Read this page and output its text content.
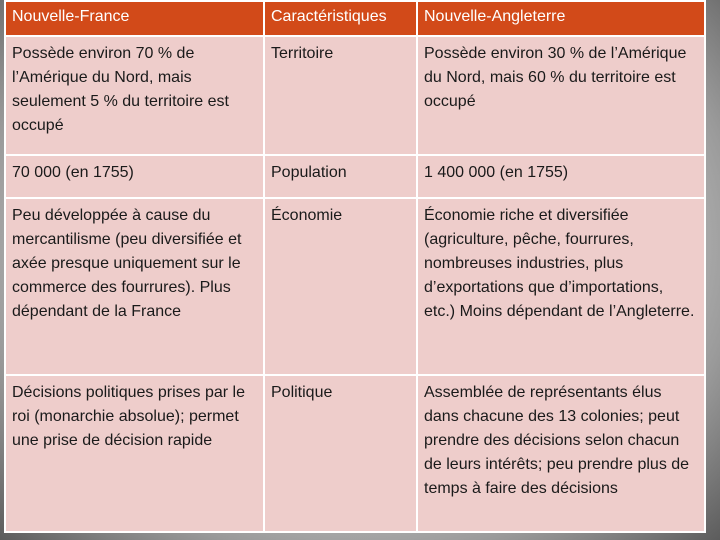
Nouvelle-France	Caractéristiques	Nouvelle-Angleterre
Possède environ 70 % de l’Amérique du Nord, mais seulement 5 % du territoire est occupé	Territoire	Possède environ 30 % de l’Amérique du Nord, mais 60 % du territoire est occupé
70 000 (en 1755)	Population	1 400 000 (en 1755)
Peu développée à cause du mercantilisme (peu diversifiée et axée presque uniquement sur le commerce des fourrures). Plus dépendant de la France	Économie	Économie riche et diversifiée (agriculture, pêche, fourrures, nombreuses industries, plus d’exportations que d’importations, etc.) Moins dépendant de l’Angleterre.
Décisions politiques prises par le roi (monarchie absolue); permet une prise de décision rapide	Politique	Assemblée de représentants élus dans chacune des 13 colonies; peut prendre des décisions selon chacun de leurs intérêts; peu prendre plus de temps à faire des décisions
